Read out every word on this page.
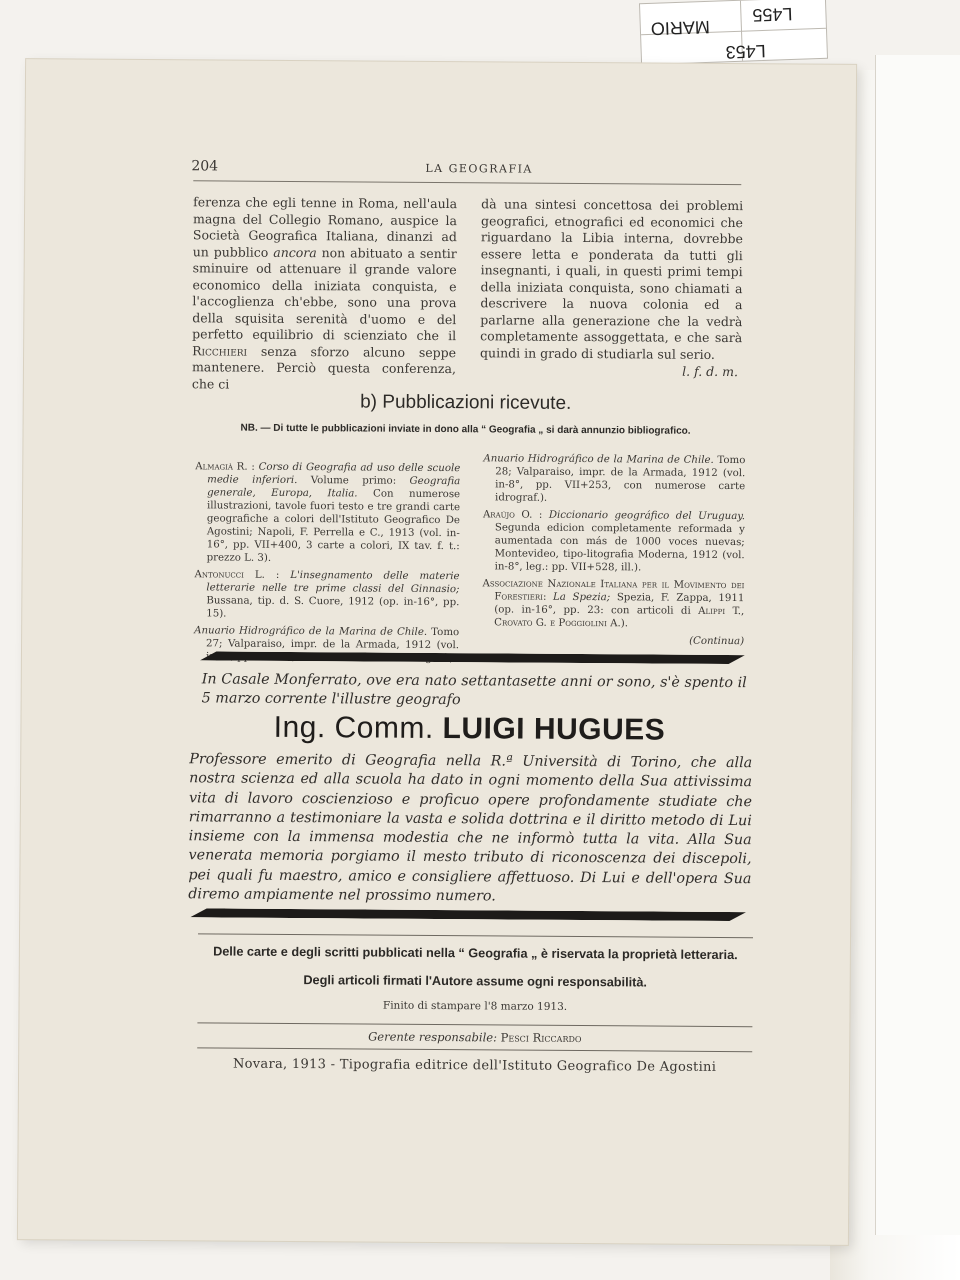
L455
MARIO
L453
204	LA GEOGRAFIA

ferenza che egli tenne in Roma, nell'aula magna del Collegio Romano, auspice la Società Geografica Italiana, dinanzi ad un pubblico ancora non abituato a sentir sminuire od attenuare il grande valore economico della iniziata conquista, e l'accoglienza ch'ebbe, sono una prova della squisita serenità d'uomo e del perfetto equilibrio di scienziato che il Ricchieri senza sforzo alcuno seppe mantenere. Perciò questa conferenza, che ci

dà una sintesi concettosa dei problemi geografici, etnografici ed economici che riguardano la Libia interna, dovrebbe essere letta e ponderata da tutti gli insegnanti, i quali, in questi primi tempi della iniziata conquista, sono chiamati a descrivere la nuova colonia ed a parlarne alla generazione che la vedrà completamente assoggettata, e che sarà quindi in grado di studiarla sul serio.

l. f. d. m.
b) Pubblicazioni ricevute.
NB. — Di tutte le pubblicazioni inviate in dono alla “ Geografia „ si darà annunzio bibliografico.
Almagià R. : Corso di Geografia ad uso delle scuole medie inferiori. Volume primo: Geografia generale, Europa, Italia. Con numerose illustrazioni, tavole fuori testo e tre grandi carte geografiche a colori dell'Istituto Geografico De Agostini; Napoli, F. Perrella e C., 1913 (vol. in-16°, pp. VII+400, 3 carte a colori, IX tav. f. t.: prezzo L. 3).
Antonucci L. : L'insegnamento delle materie letterarie nelle tre prime classi del Ginnasio; Bussana, tip. d. S. Cuore, 1912 (op. in-16°, pp. 15).
Anuario Hidrográfico de la Marina de Chile. Tomo 27; Valparaiso, impr. de la Armada, 1912 (vol.
Anuario Hidrográfico de la Marina de Chile. Tomo 28; Valparaiso, impr. de la Armada, 1912 (vol. in-8°, pp. VII+253, con numerose carte idrograf.).
Araújo O. : Diccionario geográfico del Uruguay. Segunda edicion completamente reformada y aumentada con más de 1000 voces nuevas; Montevideo, tipo-litografia Moderna, 1912 (vol. in-8°, leg.: pp. VII+528, ill.).
Associazione Nazionale Italiana per il Movimento dei Forestieri: La Spezia; Spezia, F. Zappa, 1911 (op. in-16°, pp. 23: con articoli di Alippi T., Crovato G. e Poggiolini A.).
(Continua)
In Casale Monferrato, ove era nato settantasette anni or sono, s'è spento il 5 marzo corrente l'illustre geografo
Ing. Comm. LUIGI HUGUES
Professore emerito di Geografia nella R.ª Università di Torino, che alla nostra scienza ed alla scuola ha dato in ogni momento della Sua attivissima vita di lavoro coscienzioso e proficuo opere profondamente studiate che rimarranno a testimoniare la vasta e solida dottrina e il diritto metodo di Lui insieme con la immensa modestia che ne informò tutta la vita. Alla Sua venerata memoria porgiamo il mesto tributo di riconoscenza dei discepoli, pei quali fu maestro, amico e consigliere affettuoso. Di Lui e dell'opera Sua diremo ampiamente nel prossimo numero.
Delle carte e degli scritti pubblicati nella “ Geografia „ è riservata la proprietà letteraria.
Degli articoli firmati l'Autore assume ogni responsabilità.
Finito di stampare l'8 marzo 1913.
Gerente responsabile: Pesci Riccardo
Novara, 1913 - Tipografia editrice dell'Istituto Geografico De Agostini
